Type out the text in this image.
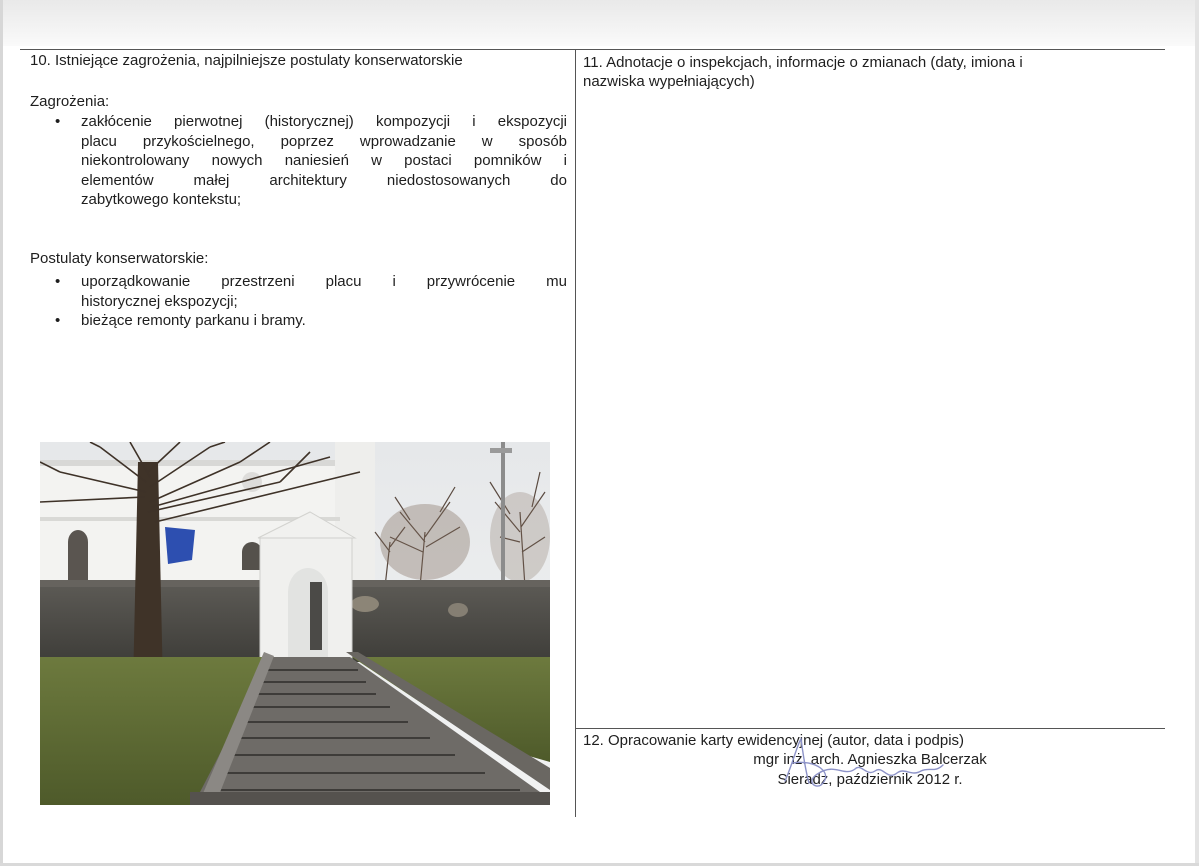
10. Istniejące zagrożenia, najpilniejsze postulaty konserwatorskie
Zagrożenia:
• zakłócenie pierwotnej (historycznej) kompozycji i ekspozycji
placu przykościelnego, poprzez wprowadzanie w sposób
niekontrolowany nowych naniesień w postaci pomników i
elementów małej architektury niedostosowanych do
zabytkowego kontekstu;
Postulaty konserwatorskie:
• uporządkowanie przestrzeni placu i przywrócenie mu
historycznej ekspozycji;
• bieżące remonty parkanu i bramy.
11. Adnotacje o inspekcjach, informacje o zmianach (daty, imiona i
nazwiska wypełniających)
12. Opracowanie karty ewidencyjnej (autor, data i podpis)
mgr inż. arch. Agnieszka Balcerzak
Sieradz, październik 2012 r.
